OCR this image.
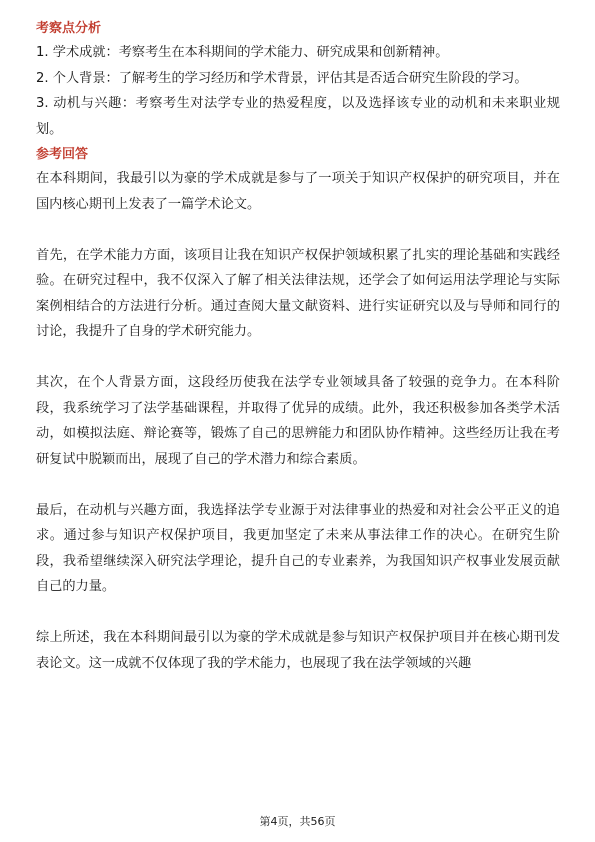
考察点分析

1. 学术成就：考察考生在本科期间的学术能力、研究成果和创新精神。

2. 个人背景：了解考生的学习经历和学术背景，评估其是否适合研究生阶段的学习。

3. 动机与兴趣：考察考生对法学专业的热爱程度，以及选择该专业的动机和未来职业规划。

参考回答

在本科期间，我最引以为豪的学术成就是参与了一项关于知识产权保护的研究项目，并在国内核心期刊上发表了一篇学术论文。

首先，在学术能力方面，该项目让我在知识产权保护领域积累了扎实的理论基础和实践经验。在研究过程中，我不仅深入了解了相关法律法规，还学会了如何运用法学理论与实际案例相结合的方法进行分析。通过查阅大量文献资料、进行实证研究以及与导师和同行的讨论，我提升了自身的学术研究能力。

其次，在个人背景方面，这段经历使我在法学专业领域具备了较强的竞争力。在本科阶段，我系统学习了法学基础课程，并取得了优异的成绩。此外，我还积极参加各类学术活动，如模拟法庭、辩论赛等，锻炼了自己的思辨能力和团队协作精神。这些经历让我在考研复试中脱颖而出，展现了自己的学术潜力和综合素质。

最后，在动机与兴趣方面，我选择法学专业源于对法律事业的热爱和对社会公平正义的追求。通过参与知识产权保护项目，我更加坚定了未来从事法律工作的决心。在研究生阶段，我希望继续深入研究法学理论，提升自己的专业素养，为我国知识产权事业发展贡献自己的力量。

综上所述，我在本科期间最引以为豪的学术成就是参与知识产权保护项目并在核心期刊发表论文。这一成就不仅体现了我的学术能力，也展现了我在法学领域的兴趣

第4页，共56页
